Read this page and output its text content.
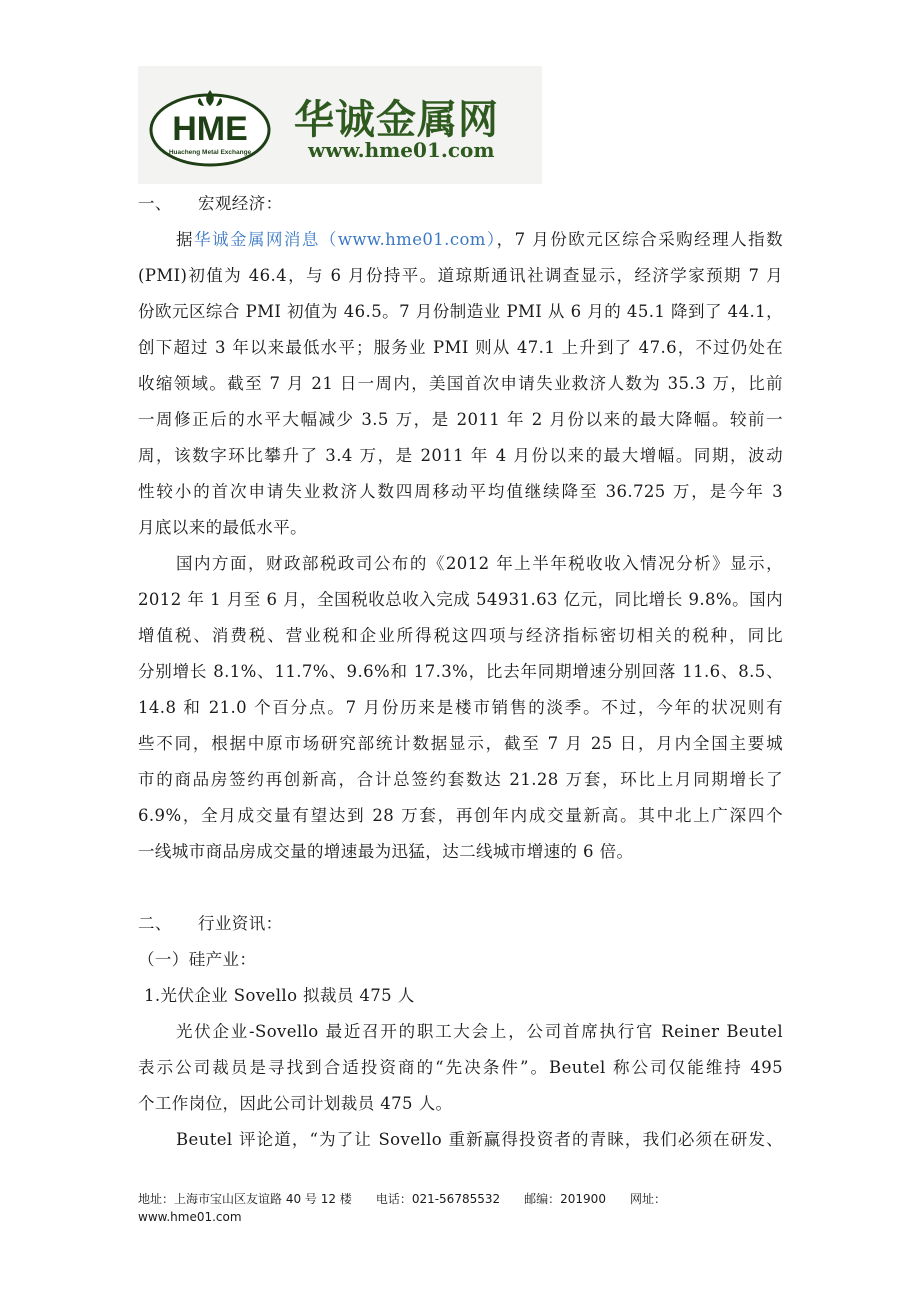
HME
Huacheng Metal Exchange
华诚金属网
www.hme01.com
一、 宏观经济：
据华诚金属网消息（www.hme01.com），7 月份欧元区综合采购经理人指数
(PMI)初值为 46.4，与 6 月份持平。道琼斯通讯社调查显示，经济学家预期 7 月
份欧元区综合 PMI 初值为 46.5。7 月份制造业 PMI 从 6 月的 45.1 降到了 44.1，
创下超过 3 年以来最低水平；服务业 PMI 则从 47.1 上升到了 47.6，不过仍处在
收缩领域。截至 7 月 21 日一周内，美国首次申请失业救济人数为 35.3 万，比前
一周修正后的水平大幅减少 3.5 万，是 2011 年 2 月份以来的最大降幅。较前一
周，该数字环比攀升了 3.4 万，是 2011 年 4 月份以来的最大增幅。同期，波动
性较小的首次申请失业救济人数四周移动平均值继续降至 36.725 万，是今年 3
月底以来的最低水平。
国内方面，财政部税政司公布的《2012 年上半年税收收入情况分析》显示，
2012 年 1 月至 6 月，全国税收总收入完成 54931.63 亿元，同比增长 9.8%。国内
增值税、消费税、营业税和企业所得税这四项与经济指标密切相关的税种，同比
分别增长 8.1%、11.7%、9.6%和 17.3%，比去年同期增速分别回落 11.6、8.5、
14.8 和 21.0 个百分点。7 月份历来是楼市销售的淡季。不过，今年的状况则有
些不同，根据中原市场研究部统计数据显示，截至 7 月 25 日，月内全国主要城
市的商品房签约再创新高，合计总签约套数达 21.28 万套，环比上月同期增长了
6.9%，全月成交量有望达到 28 万套，再创年内成交量新高。其中北上广深四个
一线城市商品房成交量的增速最为迅猛，达二线城市增速的 6 倍。
二、 行业资讯：
（一）硅产业：
1.光伏企业 Sovello 拟裁员 475 人
光伏企业-Sovello 最近召开的职工大会上，公司首席执行官 Reiner Beutel
表示公司裁员是寻找到合适投资商的“先决条件”。Beutel 称公司仅能维持 495
个工作岗位，因此公司计划裁员 475 人。
Beutel 评论道，“为了让 Sovello 重新赢得投资者的青睐，我们必须在研发、
地址：上海市宝山区友谊路 40 号 12 楼 电话：021-56785532 邮编：201900 网址：
www.hme01.com
